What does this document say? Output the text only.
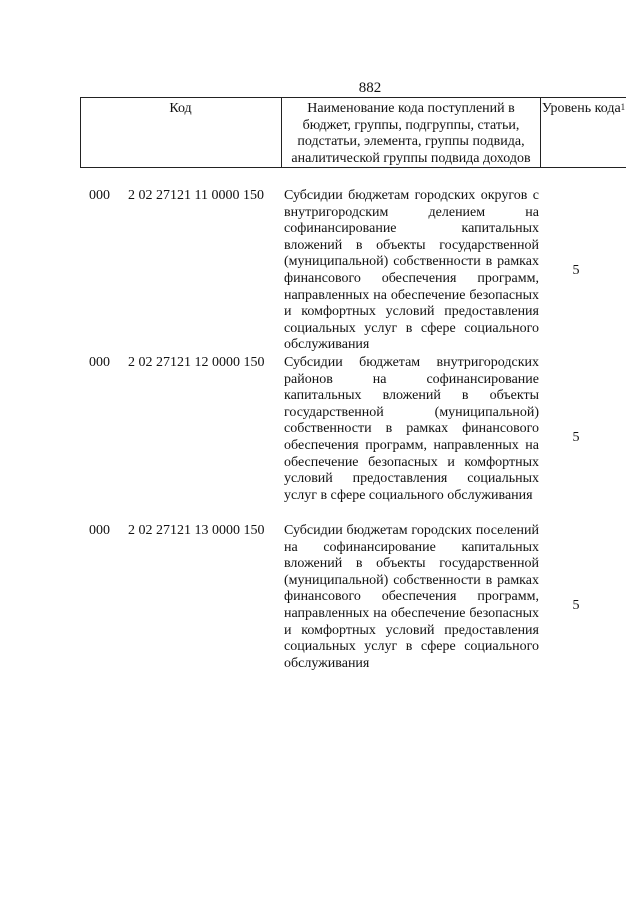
882
Код	Наименование кода поступлений в бюджет, группы, подгруппы, статьи, подстатьи, элемента, группы подвида, аналитической группы подвида доходов
Уровень кода$^1$
000 2 02 27121 11 0000 150 Субсидии бюджетам городских округов с внутригородским делением на софинансирование капитальных вложений в объекты государственной (муниципальной) собственности в рамках финансового обеспечения программ, направленных на обеспечение безопасных и комфортных условий предоставления социальных услуг в сфере социального обслуживания
5
000 2 02 27121 12 0000 150 Субсидии бюджетам внутригородских районов на софинансирование капитальных вложений в объекты государственной (муниципальной) собственности в рамках финансового обеспечения программ, направленных на обеспечение безопасных и комфортных условий предоставления социальных услуг в сфере социального обслуживания
5
000 2 02 27121 13 0000 150 Субсидии бюджетам городских поселений на софинансирование капитальных вложений в объекты государственной (муниципальной) собственности в рамках финансового обеспечения программ, направленных на обеспечение безопасных и комфортных условий предоставления социальных услуг в сфере социального обслуживания
5
